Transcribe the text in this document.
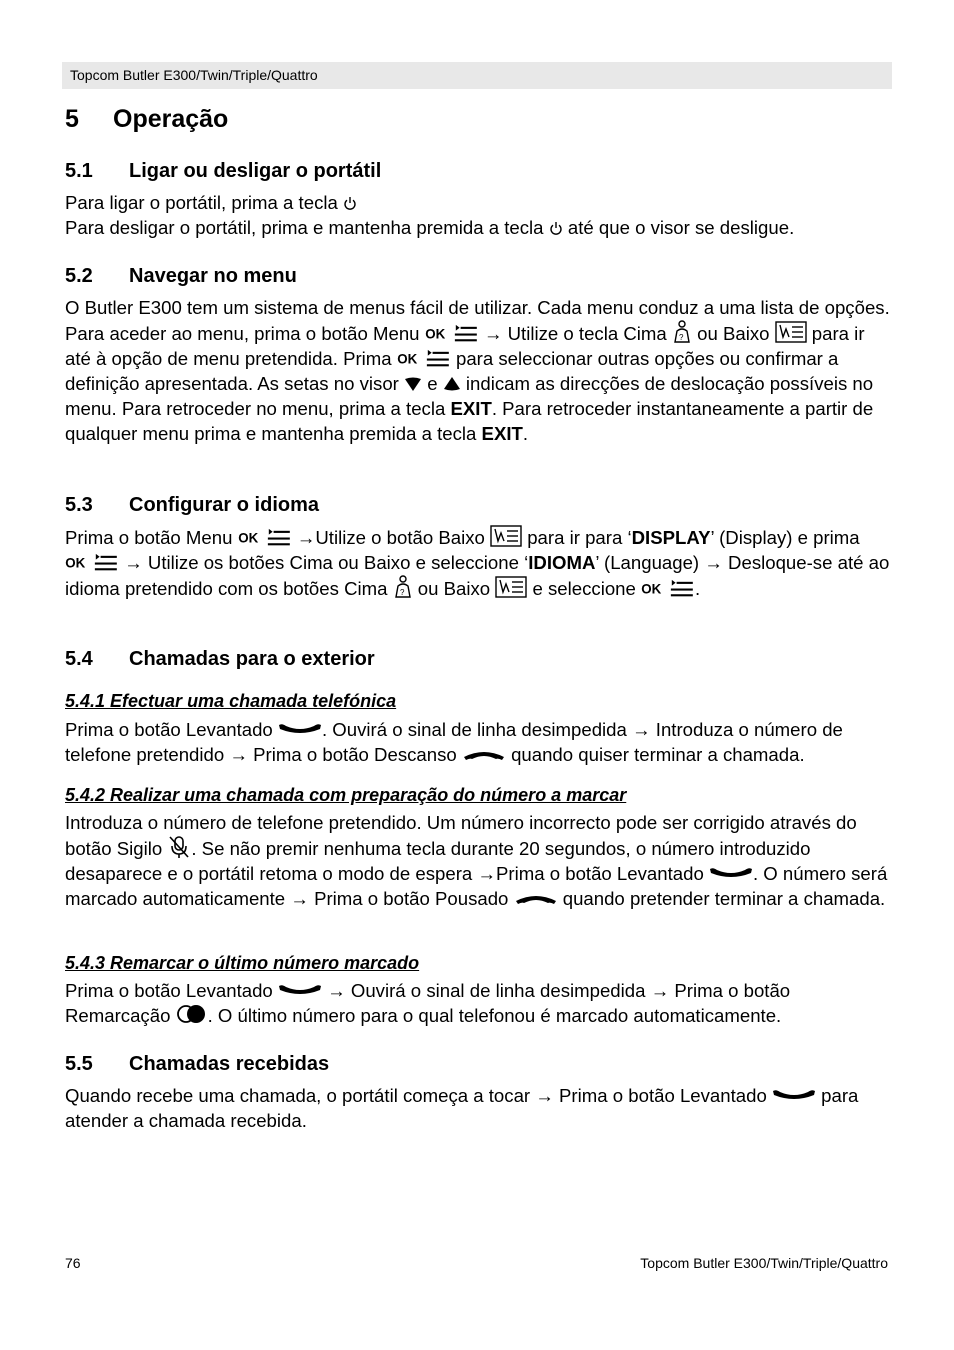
Topcom Butler E300/Twin/Triple/Quattro
5 Operação
5.1 Ligar ou desligar o portátil
Para ligar o portátil, prima a tecla
Para desligar o portátil, prima e mantenha premida a tecla  até que o visor se desligue.
5.2 Navegar no menu
O Butler E300 tem um sistema de menus fácil de utilizar. Cada menu conduz a uma lista de opções. Para aceder ao menu, prima o botão Menu	→ Utilize o tecla Cima  ou Baixo  para ir até à opção de menu pretendida. Prima	para seleccionar outras opções ou confirmar a definição apresentada. As setas no visor  e  indicam as direcções de deslocação possíveis no menu. Para retroceder no menu, prima a tecla EXIT. Para retroceder instantaneamente a partir de qualquer menu prima e mantenha premida a tecla EXIT.
5.3 Configurar o idioma
Prima o botão Menu	→Utilize o botão Baixo  para ir para ‘DISPLAY’ (Display) e prima  → Utilize os botões Cima ou Baixo e seleccione ‘IDIOMA’ (Language) → Desloque-se até ao idioma pretendido com os botões Cima  ou Baixo  e seleccione	.
5.4 Chamadas para o exterior
5.4.1 Efectuar uma chamada telefónica
Prima o botão Levantado . Ouvirá o sinal de linha desimpedida → Introduza o número de telefone pretendido → Prima o botão Descanso  quando quiser terminar a chamada.
5.4.2 Realizar uma chamada com preparação do número a marcar
Introduza o número de telefone pretendido. Um número incorrecto pode ser corrigido através do botão Sigilo . Se não premir nenhuma tecla durante 20 segundos, o número introduzido desaparece e o portátil retoma o modo de espera →Prima o botão Levantado . O número será marcado automaticamente → Prima o botão Pousado  quando pretender terminar a chamada.
5.4.3 Remarcar o último número marcado
Prima o botão Levantado  → Ouvirá o sinal de linha desimpedida → Prima o botão Remarcação . O último número para o qual telefonou é marcado automaticamente.
5.5 Chamadas recebidas
Quando recebe uma chamada, o portátil começa a tocar → Prima o botão Levantado  para atender a chamada recebida.
76	Topcom Butler E300/Twin/Triple/Quattro
